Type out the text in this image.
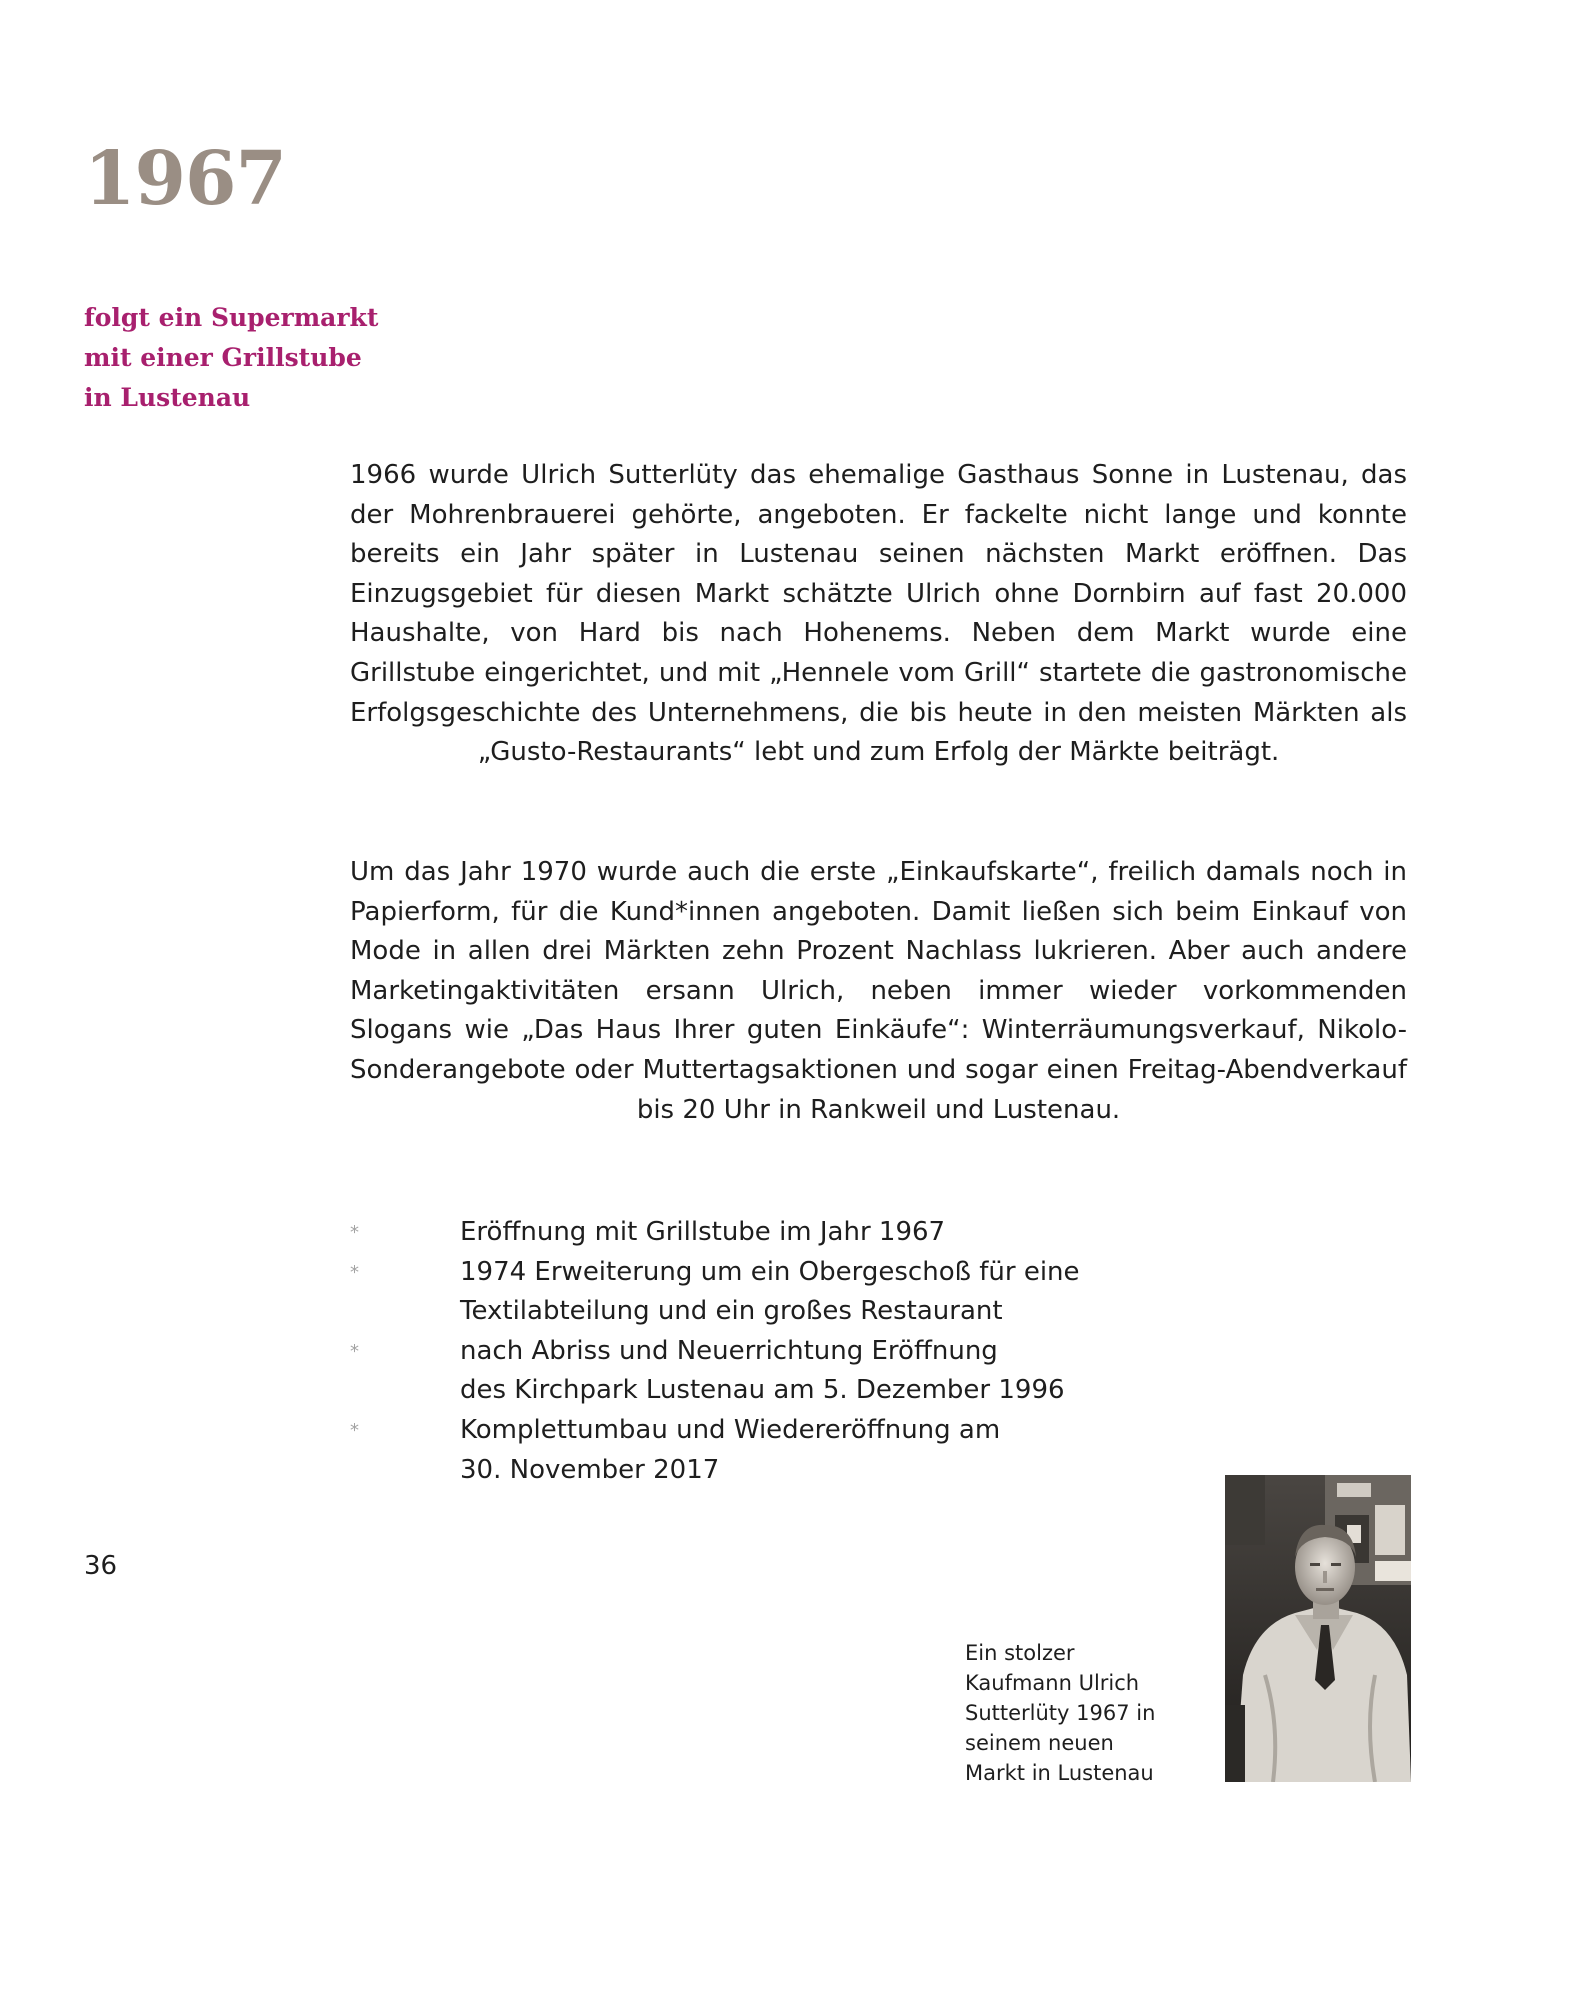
1967
folgt ein Supermarkt
mit einer Grillstube
in Lustenau

1966 wurde Ulrich Sutterlüty das ehemalige Gasthaus Sonne in Lustenau, das der Mohrenbrauerei gehörte, angeboten. Er fackelte nicht lange und konnte bereits ein Jahr später in Lustenau seinen nächsten Markt eröffnen. Das Einzugsgebiet für diesen Markt schätzte Ulrich ohne Dornbirn auf fast 20.000 Haushalte, von Hard bis nach Hohenems. Neben dem Markt wurde eine Grillstube eingerichtet, und mit „Hennele vom Grill“ startete die gastronomische Erfolgsgeschichte des Unternehmens, die bis heute in den meisten Märkten als „Gusto-Restaurants“ lebt und zum Erfolg der Märkte beiträgt.

Um das Jahr 1970 wurde auch die erste „Einkaufskarte“, freilich damals noch in Papierform, für die Kund*innen angeboten. Damit ließen sich beim Einkauf von Mode in allen drei Märkten zehn Prozent Nachlass lukrieren. Aber auch andere Marketingaktivitäten ersann Ulrich, neben immer wieder vorkommenden Slogans wie „Das Haus Ihrer guten Einkäufe“: Winterräumungsverkauf, Nikolo-Sonderangebote oder Muttertagsaktionen und sogar einen Freitag-Abendverkauf bis 20 Uhr in Rankweil und Lustenau.

*	Eröffnung mit Grillstube im Jahr 1967
*	1974 Erweiterung um ein Obergeschoß für eine
Textilabteilung und ein großes Restaurant
*	nach Abriss und Neuerrichtung Eröffnung
des Kirchpark Lustenau am 5. Dezember 1996
*	Komplettumbau und Wiedereröffnung am
30. November 2017
36

Ein stolzer
Kaufmann Ulrich
Sutterlüty 1967 in
seinem neuen
Markt in Lustenau
